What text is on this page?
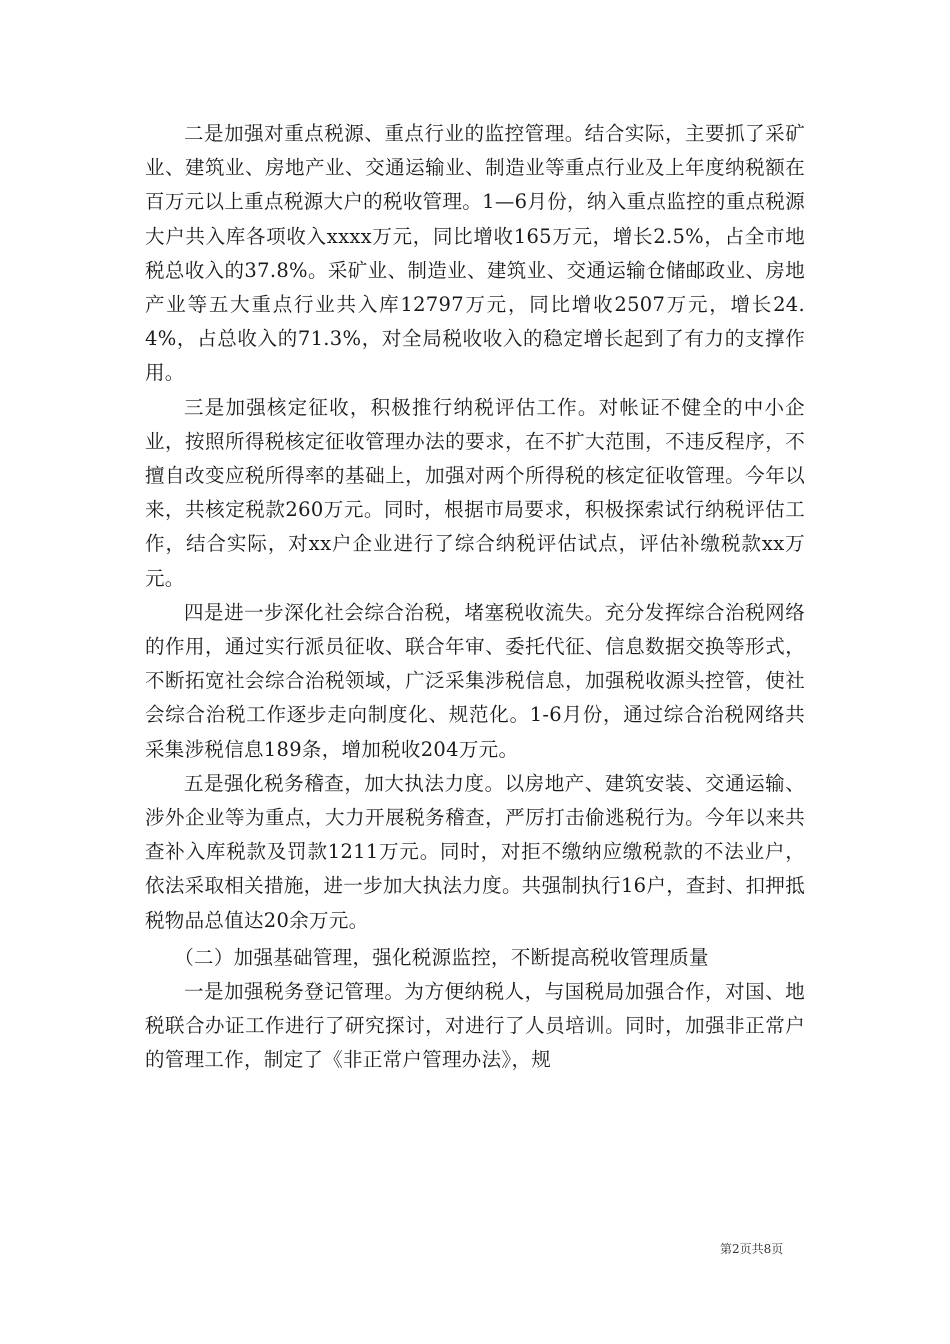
二是加强对重点税源、重点行业的监控管理。结合实际，主要抓了采矿业、建筑业、房地产业、交通运输业、制造业等重点行业及上年度纳税额在百万元以上重点税源大户的税收管理。1—6月份，纳入重点监控的重点税源大户共入库各项收入xxxx万元，同比增收165万元，增长2.5%，占全市地税总收入的37.8%。采矿业、制造业、建筑业、交通运输仓储邮政业、房地产业等五大重点行业共入库12797万元，同比增收2507万元，增长24.4%，占总收入的71.3%，对全局税收收入的稳定增长起到了有力的支撑作用。

三是加强核定征收，积极推行纳税评估工作。对帐证不健全的中小企业，按照所得税核定征收管理办法的要求，在不扩大范围，不违反程序，不擅自改变应税所得率的基础上，加强对两个所得税的核定征收管理。今年以来，共核定税款260万元。同时，根据市局要求，积极探索试行纳税评估工作，结合实际，对xx户企业进行了综合纳税评估试点，评估补缴税款xx万元。

四是进一步深化社会综合治税，堵塞税收流失。充分发挥综合治税网络的作用，通过实行派员征收、联合年审、委托代征、信息数据交换等形式，不断拓宽社会综合治税领域，广泛采集涉税信息，加强税收源头控管，使社会综合治税工作逐步走向制度化、规范化。1-6月份，通过综合治税网络共采集涉税信息189条，增加税收204万元。

五是强化税务稽查，加大执法力度。以房地产、建筑安装、交通运输、涉外企业等为重点，大力开展税务稽查，严厉打击偷逃税行为。今年以来共查补入库税款及罚款1211万元。同时，对拒不缴纳应缴税款的不法业户，依法采取相关措施，进一步加大执法力度。共强制执行16户，查封、扣押抵税物品总值达20余万元。

（二）加强基础管理，强化税源监控，不断提高税收管理质量

一是加强税务登记管理。为方便纳税人，与国税局加强合作，对国、地税联合办证工作进行了研究探讨，对进行了人员培训。同时，加强非正常户的管理工作，制定了《非正常户管理办法》，规

第2页共8页
